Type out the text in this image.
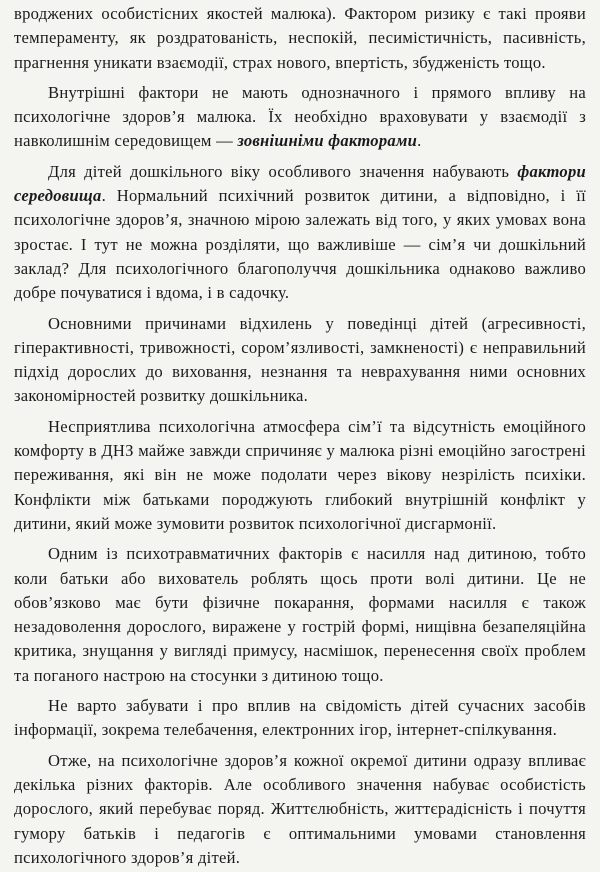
вроджених особистісних якостей малюка). Фактором ризику є такі прояви темпераменту, як роздратованість, неспокій, песимістичність, пасивність, прагнення уникати взаємодії, страх нового, впертість, збудженість тощо.

Внутрішні фактори не мають однозначного і прямого впливу на психологічне здоров’я малюка. Їх необхідно враховувати у взаємодії з навколишнім середовищем — зовнішніми факторами.

Для дітей дошкільного віку особливого значення набувають фактори середовища. Нормальний психічний розвиток дитини, а відповідно, і її психологічне здоров’я, значною мірою залежать від того, у яких умовах вона зростає. І тут не можна розділяти, що важливіше — сім’я чи дошкільний заклад? Для психологічного благополуччя дошкільника однаково важливо добре почуватися і вдома, і в садочку.

Основними причинами відхилень у поведінці дітей (агресивності, гіперактивності, тривожності, сором’язливості, замкненості) є неправильний підхід дорослих до виховання, незнання та неврахування ними основних закономірностей розвитку дошкільника.

Несприятлива психологічна атмосфера сім’ї та відсутність емоційного комфорту в ДНЗ майже завжди спричиняє у малюка різні емоційно загострені переживання, які він не може подолати через вікову незрілість психіки. Конфлікти між батьками породжують глибокий внутрішній конфлікт у дитини, який може зумовити розвиток психологічної дисгармонії.

Одним із психотравматичних факторів є насилля над дитиною, тобто коли батьки або вихователь роблять щось проти волі дитини. Це не обов’язково має бути фізичне покарання, формами насилля є також незадоволення дорослого, виражене у гострій формі, нищівна безапеляційна критика, знущання у вигляді примусу, насмішок, перенесення своїх проблем та поганого настрою на стосунки з дитиною тощо.

Не варто забувати і про вплив на свідомість дітей сучасних засобів інформації, зокрема телебачення, електронних ігор, інтернет-спілкування.

Отже, на психологічне здоров’я кожної окремої дитини одразу впливає декілька різних факторів. Але особливого значення набуває особистість дорослого, який перебуває поряд. Життєлюбність, життєрадісність і почуття гумору батьків і педагогів є оптимальними умовами становлення психологічного здоров’я дітей.
